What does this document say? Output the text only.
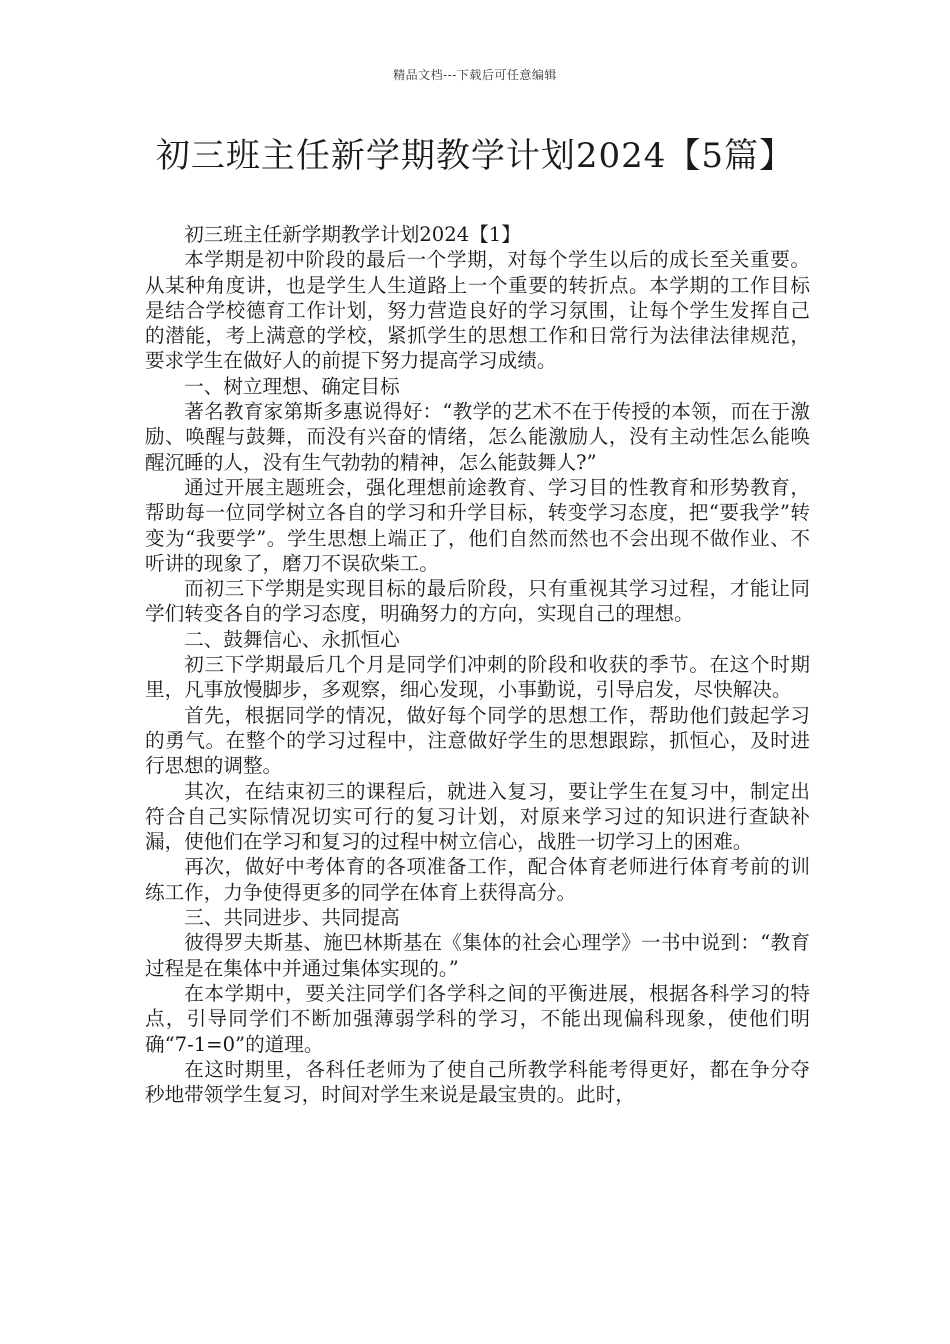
精品文档---下载后可任意编辑
初三班主任新学期教学计划2024【5篇】

初三班主任新学期教学计划2024【1】

本学期是初中阶段的最后一个学期，对每个学生以后的成长至关重要。从某种角度讲，也是学生人生道路上一个重要的转折点。本学期的工作目标是结合学校德育工作计划，努力营造良好的学习氛围，让每个学生发挥自己的潜能，考上满意的学校，紧抓学生的思想工作和日常行为法律法律规范，要求学生在做好人的前提下努力提高学习成绩。

一、树立理想、确定目标

著名教育家第斯多惠说得好：“教学的艺术不在于传授的本领，而在于激励、唤醒与鼓舞，而没有兴奋的情绪，怎么能激励人，没有主动性怎么能唤醒沉睡的人，没有生气勃勃的精神，怎么能鼓舞人?”

通过开展主题班会，强化理想前途教育、学习目的性教育和形势教育，帮助每一位同学树立各自的学习和升学目标，转变学习态度，把“要我学”转变为“我要学”。学生思想上端正了，他们自然而然也不会出现不做作业、不听讲的现象了，磨刀不误砍柴工。

而初三下学期是实现目标的最后阶段，只有重视其学习过程，才能让同学们转变各自的学习态度，明确努力的方向，实现自己的理想。

二、鼓舞信心、永抓恒心

初三下学期最后几个月是同学们冲刺的阶段和收获的季节。在这个时期里，凡事放慢脚步，多观察，细心发现，小事勤说，引导启发，尽快解决。

首先，根据同学的情况，做好每个同学的思想工作，帮助他们鼓起学习的勇气。在整个的学习过程中，注意做好学生的思想跟踪，抓恒心，及时进行思想的调整。

其次，在结束初三的课程后，就进入复习，要让学生在复习中，制定出符合自己实际情况切实可行的复习计划，对原来学习过的知识进行查缺补漏，使他们在学习和复习的过程中树立信心，战胜一切学习上的困难。

再次，做好中考体育的各项准备工作，配合体育老师进行体育考前的训练工作，力争使得更多的同学在体育上获得高分。

三、共同进步、共同提高

彼得罗夫斯基、施巴林斯基在《集体的社会心理学》一书中说到：“教育过程是在集体中并通过集体实现的。”

在本学期中，要关注同学们各学科之间的平衡进展，根据各科学习的特点，引导同学们不断加强薄弱学科的学习，不能出现偏科现象，使他们明确“7-1=0”的道理。

在这时期里，各科任老师为了使自己所教学科能考得更好，都在争分夺秒地带领学生复习，时间对学生来说是最宝贵的。此时，
